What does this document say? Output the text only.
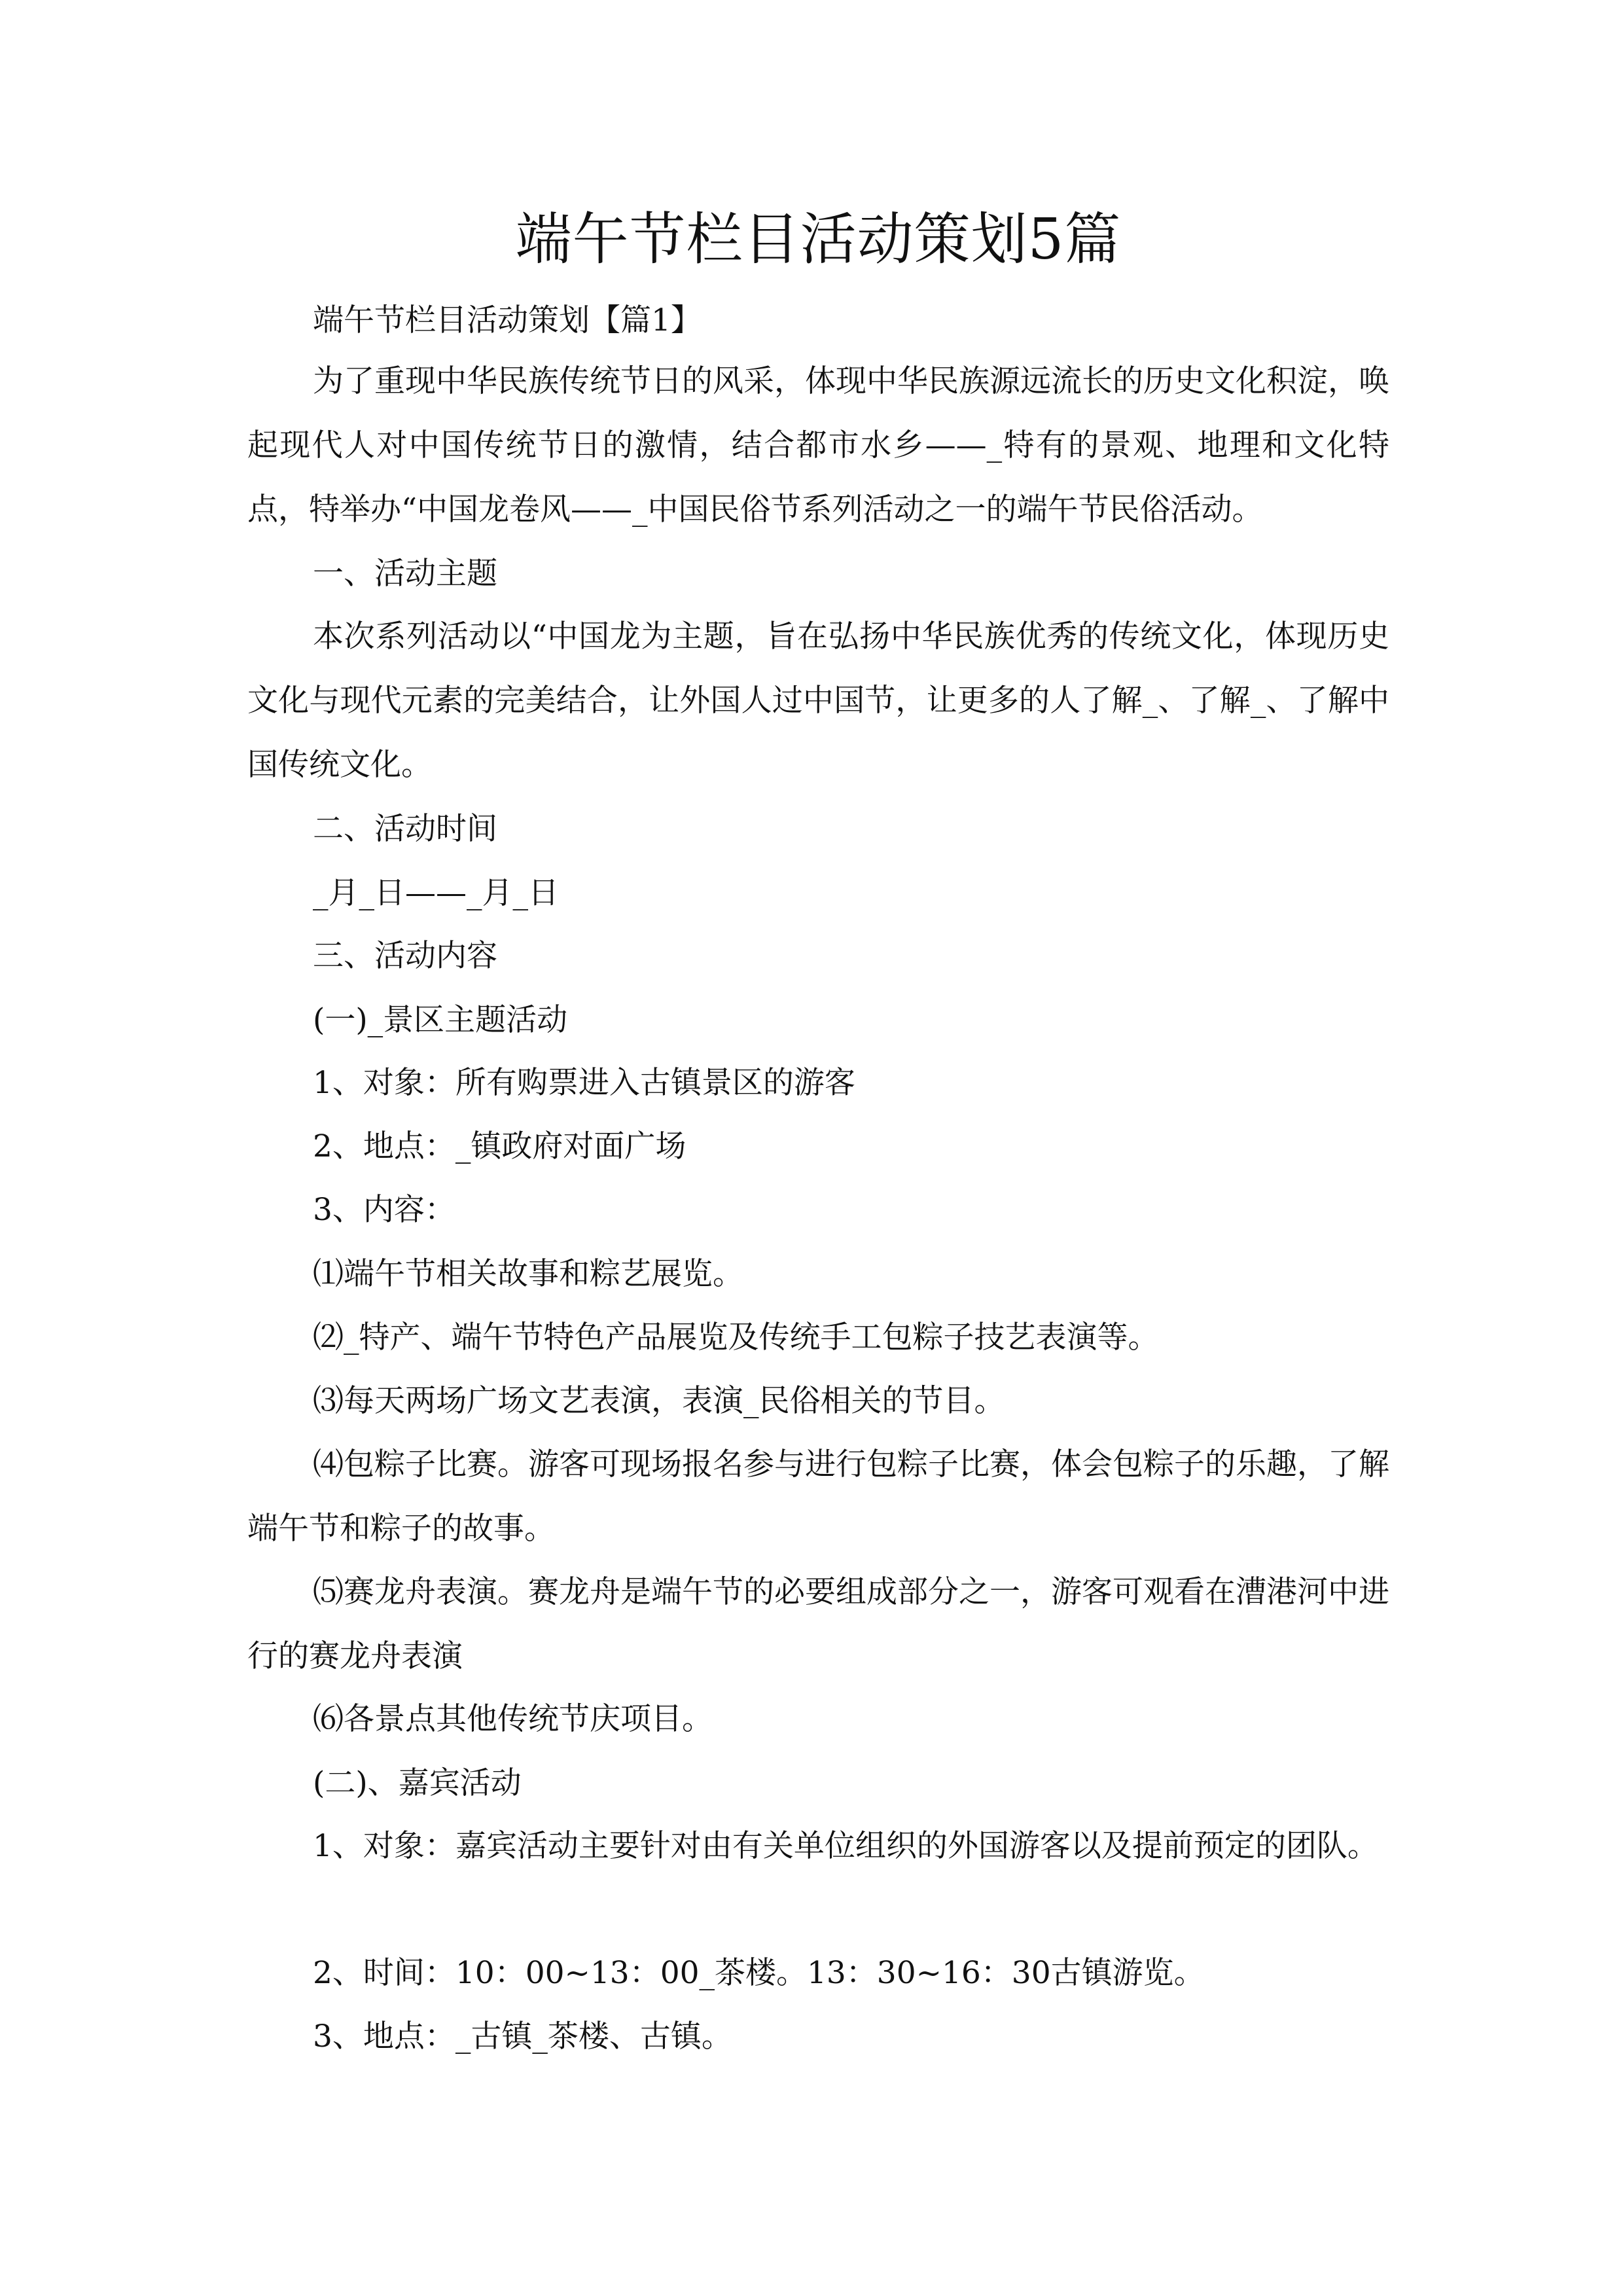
端午节栏目活动策划5篇

端午节栏目活动策划【篇1】

为了重现中华民族传统节日的风采，体现中华民族源远流长的历史文化积淀，唤起现代人对中国传统节日的激情，结合都市水乡——_特有的景观、地理和文化特点，特举办“中国龙卷风——_中国民俗节系列活动之一的端午节民俗活动。

一、活动主题

本次系列活动以“中国龙为主题，旨在弘扬中华民族优秀的传统文化，体现历史文化与现代元素的完美结合，让外国人过中国节，让更多的人了解_、了解_、了解中国传统文化。

二、活动时间

_月_日——_月_日

三、活动内容

(一)_景区主题活动

1、对象：所有购票进入古镇景区的游客

2、地点：_镇政府对面广场

3、内容：

⑴端午节相关故事和粽艺展览。

⑵_特产、端午节特色产品展览及传统手工包粽子技艺表演等。

⑶每天两场广场文艺表演，表演_民俗相关的节目。

⑷包粽子比赛。游客可现场报名参与进行包粽子比赛，体会包粽子的乐趣，了解端午节和粽子的故事。

⑸赛龙舟表演。赛龙舟是端午节的必要组成部分之一，游客可观看在漕港河中进行的赛龙舟表演

⑹各景点其他传统节庆项目。

(二)、嘉宾活动

1、对象：嘉宾活动主要针对由有关单位组织的外国游客以及提前预定的团队。

2、时间：10：00~13：00_茶楼。13：30~16：30古镇游览。

3、地点：_古镇_茶楼、古镇。
